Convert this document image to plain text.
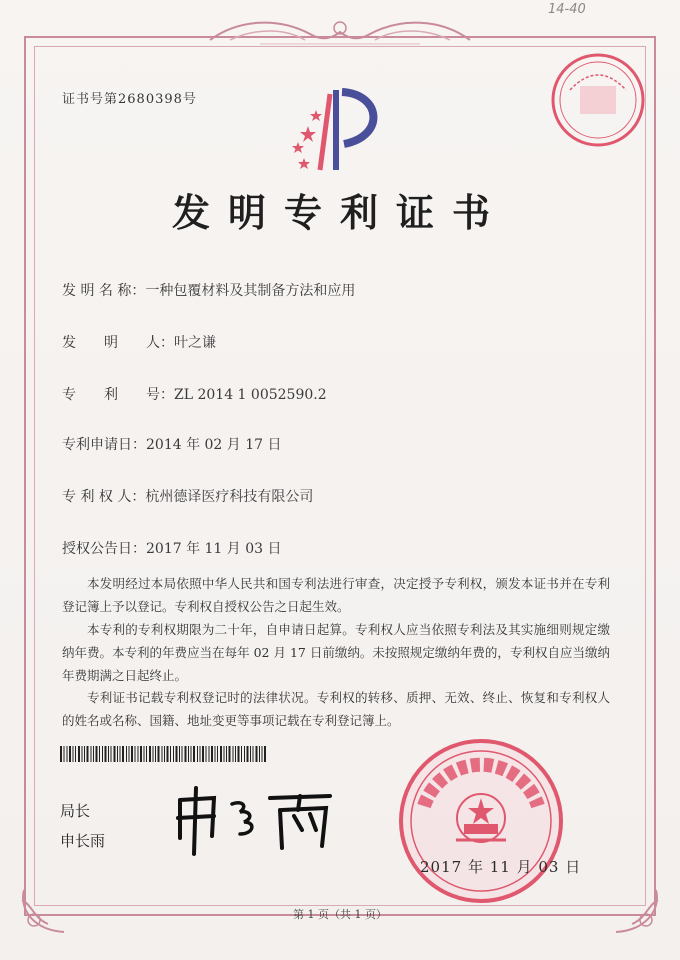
14-40
证书号第2680398号
发明专利证书
发 明 名 称：一种包覆材料及其制备方法和应用
发　　明　　人：叶之谦
专　　利　　号：ZL 2014 1 0052590.2
专利申请日：2014 年 02 月 17 日
专 利 权 人：杭州德译医疗科技有限公司
授权公告日：2017 年 11 月 03 日
本发明经过本局依照中华人民共和国专利法进行审查，决定授予专利权，颁发本证书并在专利登记簿上予以登记。专利权自授权公告之日起生效。
本专利的专利权期限为二十年，自申请日起算。专利权人应当依照专利法及其实施细则规定缴纳年费。本专利的年费应当在每年 02 月 17 日前缴纳。未按照规定缴纳年费的，专利权自应当缴纳年费期满之日起终止。
专利证书记载专利权登记时的法律状况。专利权的转移、质押、无效、终止、恢复和专利权人的姓名或名称、国籍、地址变更等事项记载在专利登记簿上。
局长
申长雨
2017 年 11 月 03 日
第 1 页（共 1 页）
